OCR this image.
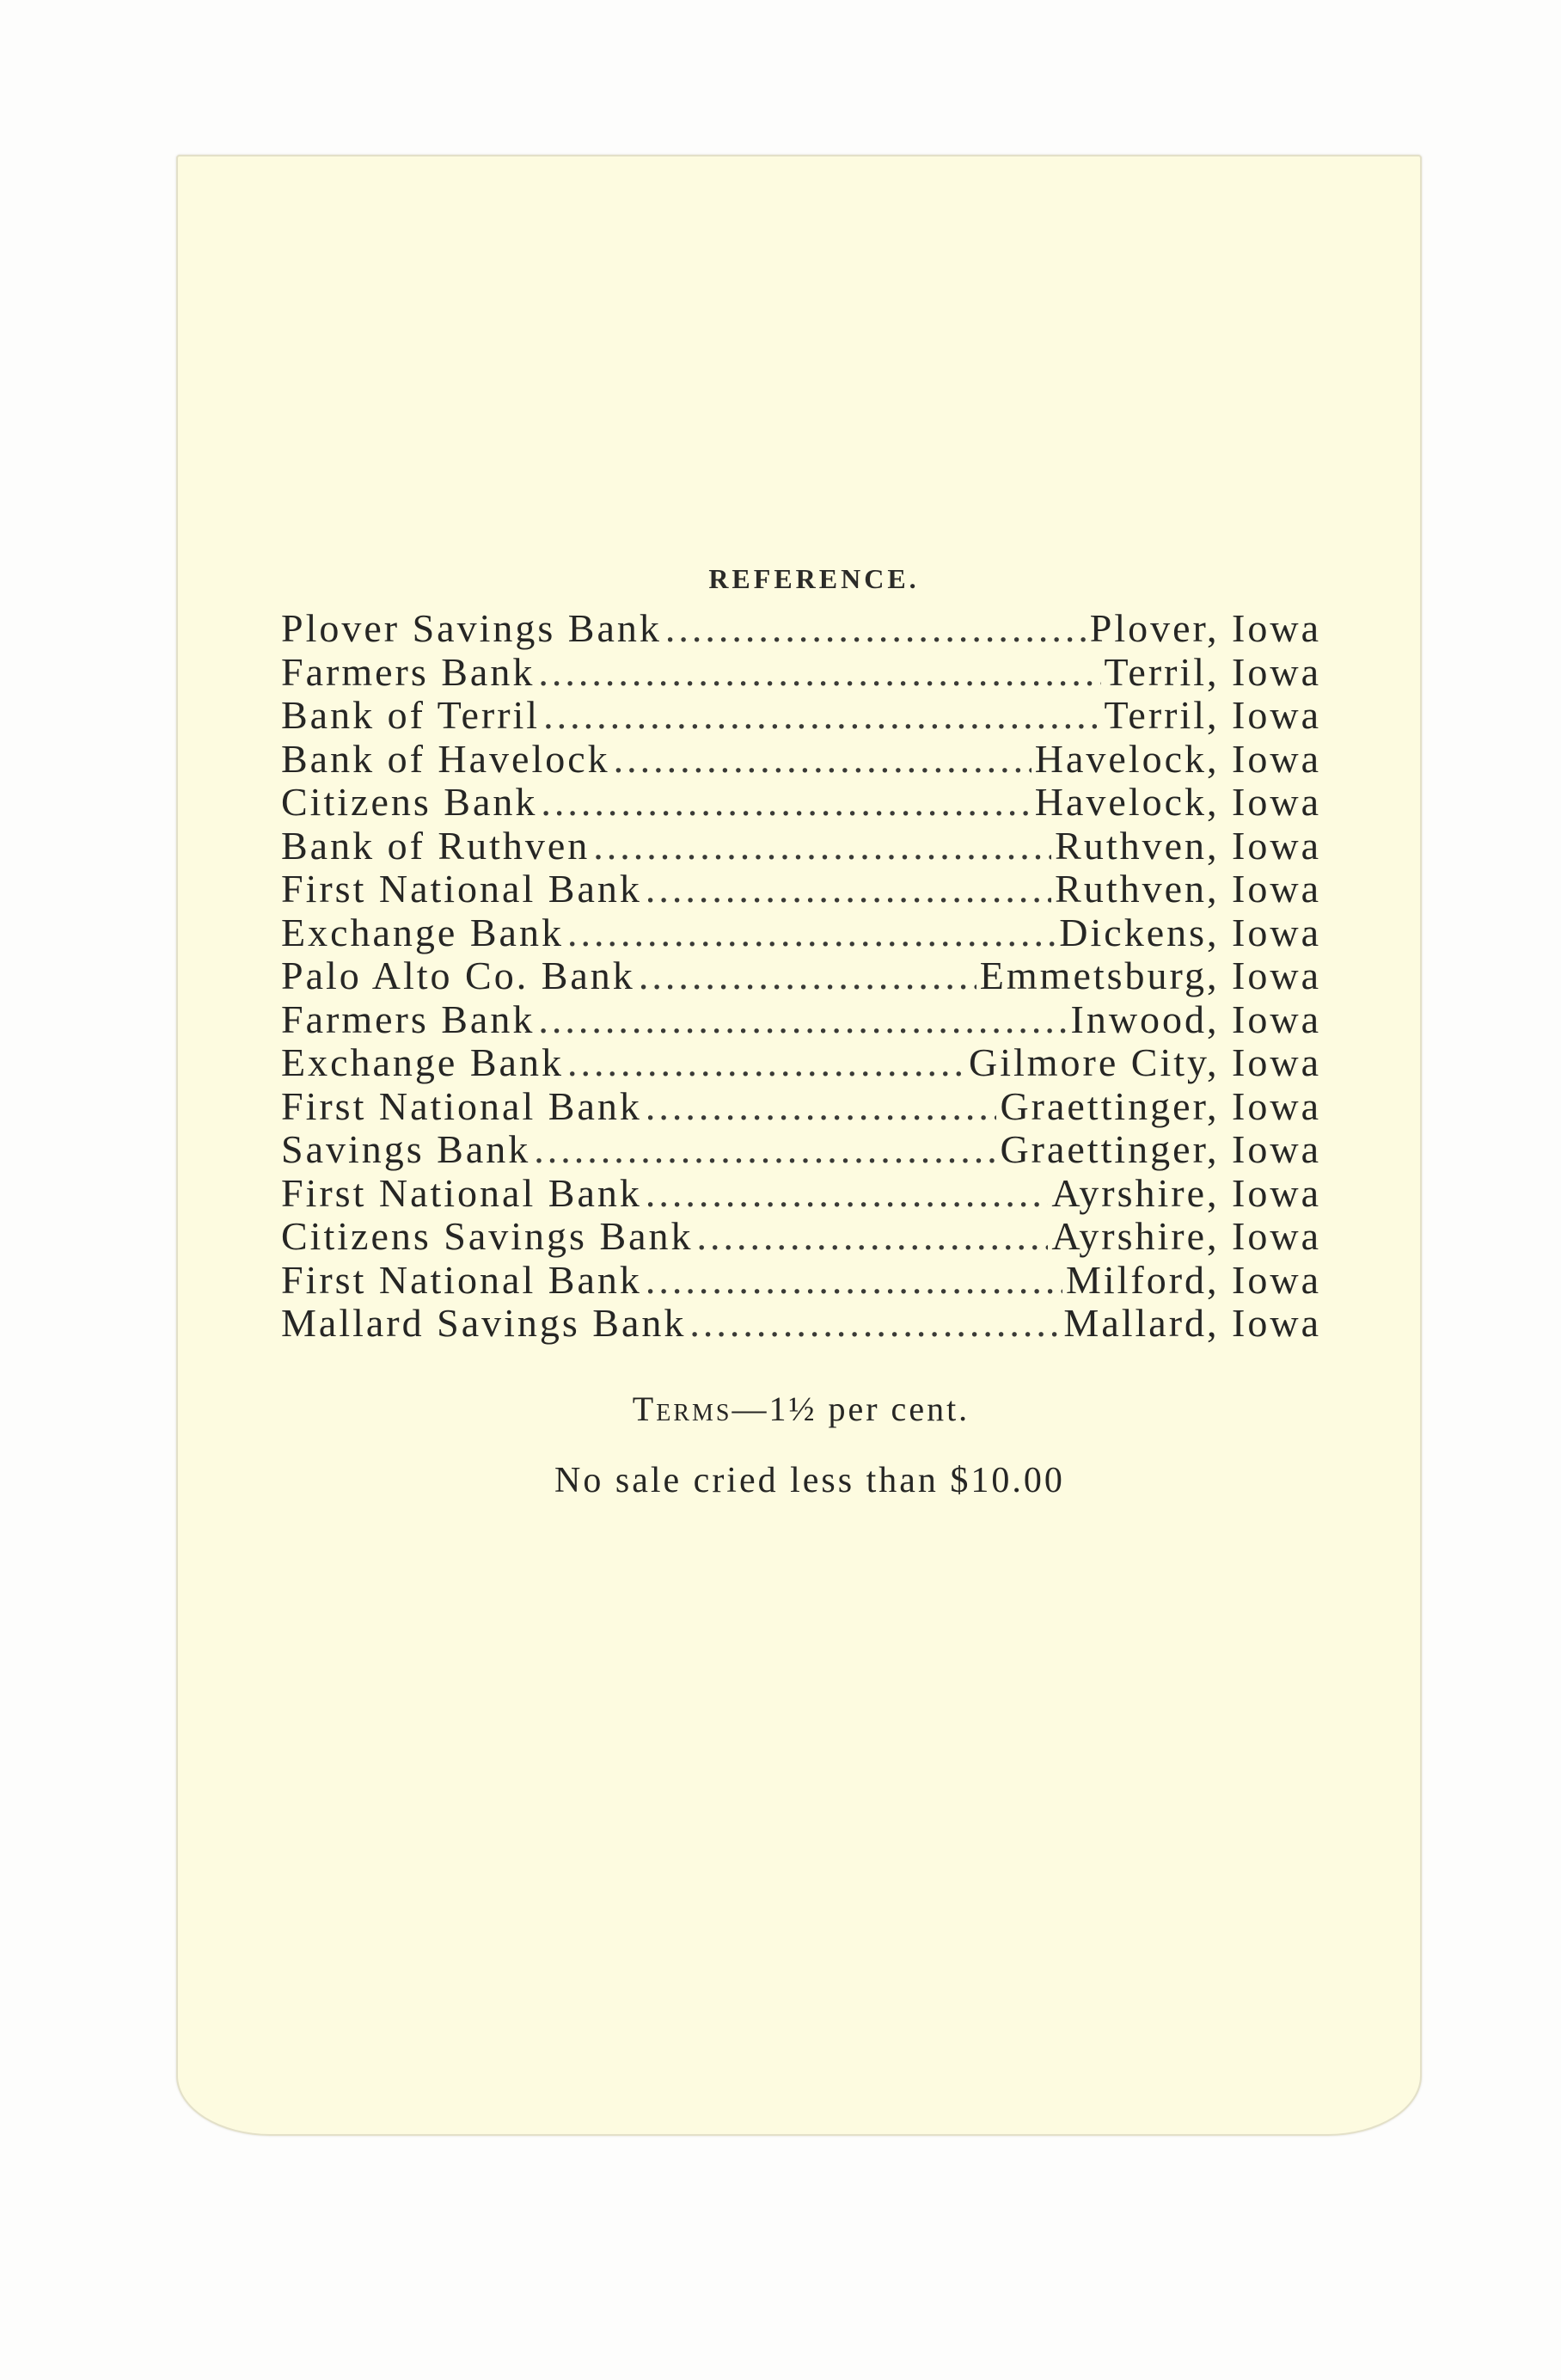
REFERENCE.
Plover Savings Bank .....	Plover, Iowa
Farmers Bank .....	Terril, Iowa
Bank of Terril .....	Terril, Iowa
Bank of Havelock .....	Havelock, Iowa
Citizens Bank .....	Havelock, Iowa
Bank of Ruthven .....	Ruthven, Iowa
First National Bank .....	Ruthven, Iowa
Exchange Bank .....	Dickens, Iowa
Palo Alto Co. Bank .....	Emmetsburg, Iowa
Farmers Bank .....	Inwood, Iowa
Exchange Bank .....	Gilmore City, Iowa
First National Bank .....	Graettinger, Iowa
Savings Bank .....	Graettinger, Iowa
First National Bank .....	Ayrshire, Iowa
Citizens Savings Bank .....	Ayrshire, Iowa
First National Bank .....	Milford, Iowa
Mallard Savings Bank .....	Mallard, Iowa
Terms—1½ per cent.
No sale cried less than $10.00
